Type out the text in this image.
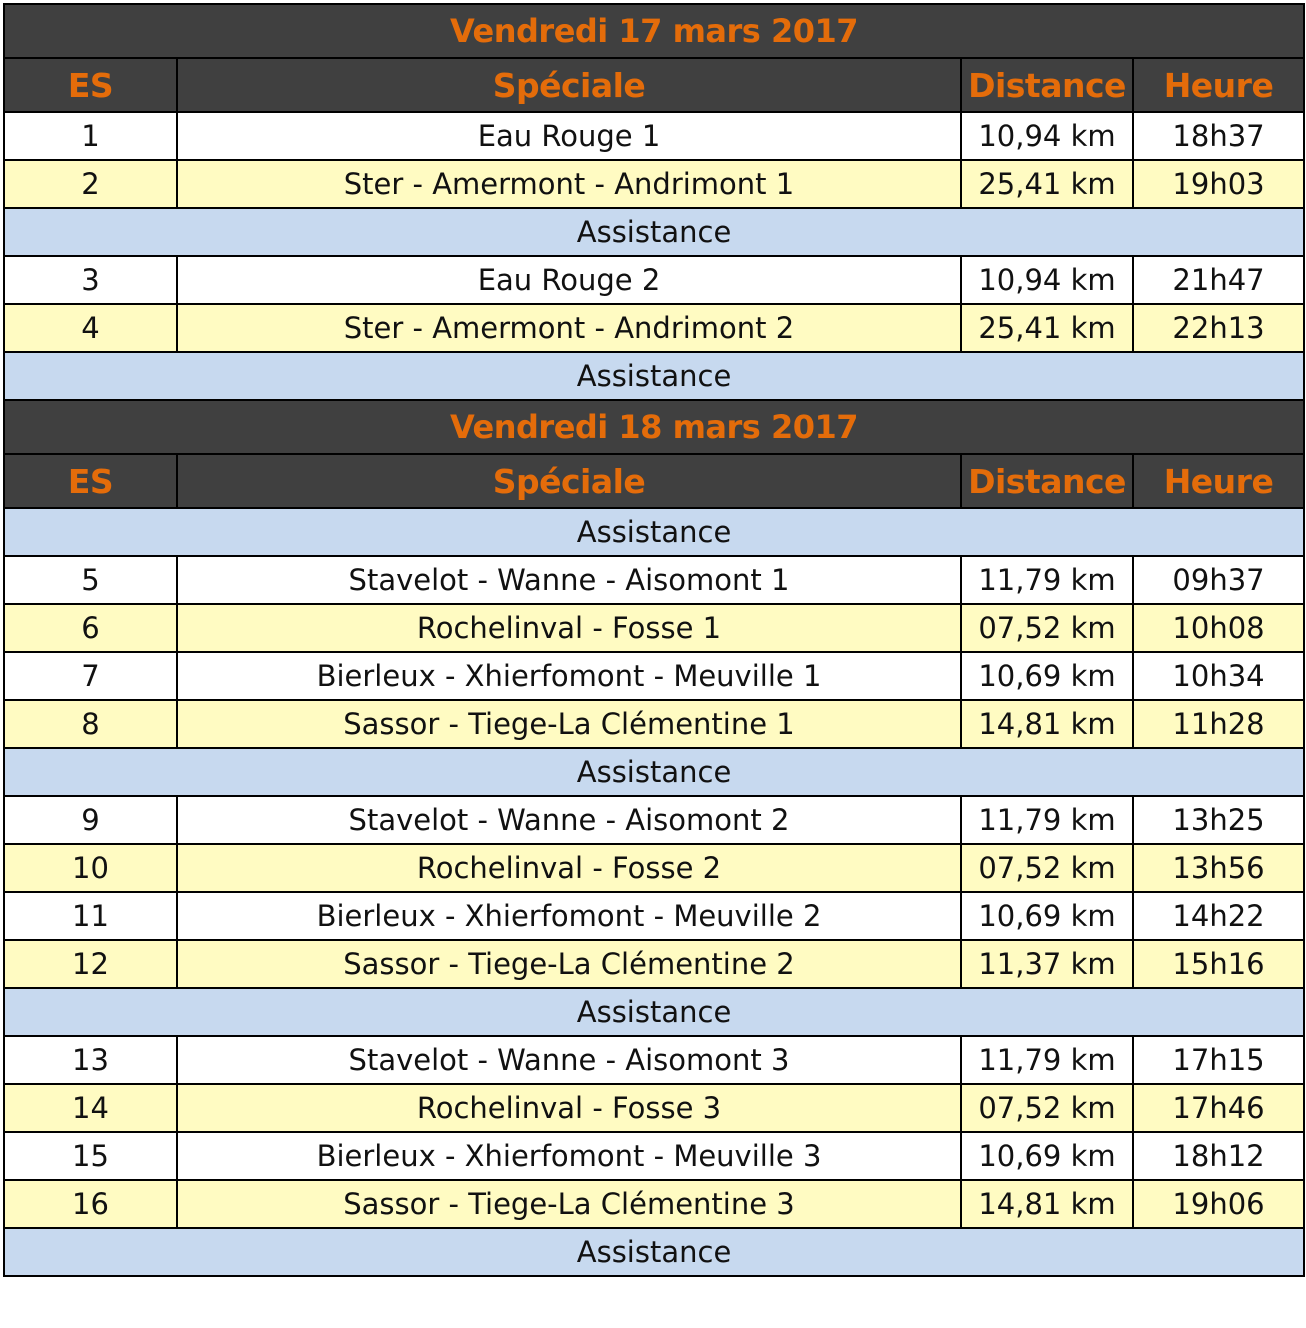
Vendredi 17 mars 2017			
ES	Spéciale	Distance	Heure
1	Eau Rouge 1	10,94 km	18h37
2	Ster - Amermont - Andrimont 1	25,41 km	19h03
Assistance			
3	Eau Rouge 2	10,94 km	21h47
4	Ster - Amermont - Andrimont 2	25,41 km	22h13
Assistance			
Vendredi 18 mars 2017			
ES	Spéciale	Distance	Heure
Assistance			
5	Stavelot - Wanne - Aisomont 1	11,79 km	09h37
6	Rochelinval - Fosse 1	07,52 km	10h08
7	Bierleux - Xhierfomont - Meuville 1	10,69 km	10h34
8	Sassor - Tiege-La Clémentine 1	14,81 km	11h28
Assistance			
9	Stavelot - Wanne - Aisomont 2	11,79 km	13h25
10	Rochelinval - Fosse 2	07,52 km	13h56
11	Bierleux - Xhierfomont - Meuville 2	10,69 km	14h22
12	Sassor - Tiege-La Clémentine 2	11,37 km	15h16
Assistance			
13	Stavelot - Wanne - Aisomont 3	11,79 km	17h15
14	Rochelinval - Fosse 3	07,52 km	17h46
15	Bierleux - Xhierfomont - Meuville 3	10,69 km	18h12
16	Sassor - Tiege-La Clémentine 3	14,81 km	19h06
Assistance			
